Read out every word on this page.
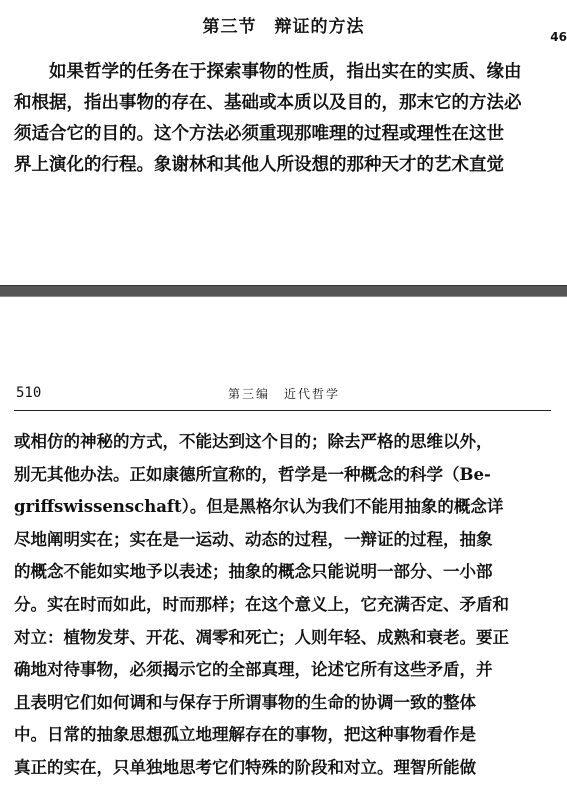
第三节　辩证的方法	46
　　如果哲学的任务在于探索事物的性质，指出实在的实质、缘由
和根据，指出事物的存在、基础或本质以及目的，那末它的方法必
须适合它的目的。这个方法必须重现那唯理的过程或理性在这世
界上演化的行程。象谢林和其他人所设想的那种天才的艺术直觉
510	第三编　近代哲学
或相仿的神秘的方式，不能达到这个目的；除去严格的思维以外，
别无其他办法。正如康德所宣称的，哲学是一种概念的科学（Be-
griffswissenschaft）。但是黑格尔认为我们不能用抽象的概念详
尽地阐明实在；实在是一运动、动态的过程，一辩证的过程，抽象
的概念不能如实地予以表述；抽象的概念只能说明一部分、一小部
分。实在时而如此，时而那样；在这个意义上，它充满否定、矛盾和
对立：植物发芽、开花、凋零和死亡；人则年轻、成熟和衰老。要正
确地对待事物，必须揭示它的全部真理，论述它所有这些矛盾，并
且表明它们如何调和与保存于所谓事物的生命的协调一致的整体
中。日常的抽象思想孤立地理解存在的事物，把这种事物看作是
真正的实在，只单独地思考它们特殊的阶段和对立。理智所能做
